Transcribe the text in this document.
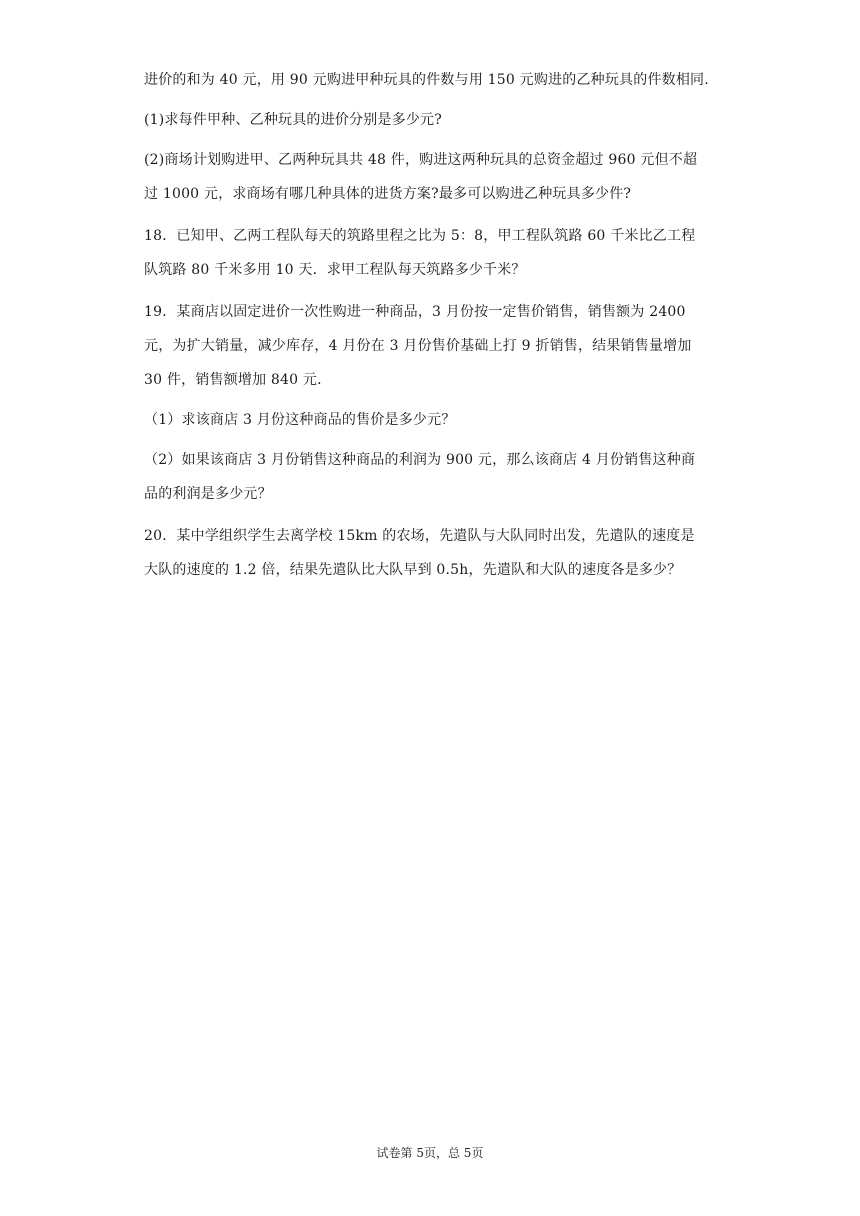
进价的和为 40 元，用 90 元购进甲种玩具的件数与用 150 元购进的乙种玩具的件数相同.
(1)求每件甲种、乙种玩具的进价分别是多少元?
(2)商场计划购进甲、乙两种玩具共 48 件，购进这两种玩具的总资金超过 960 元但不超
过 1000 元，求商场有哪几种具体的进货方案?最多可以购进乙种玩具多少件?
18．已知甲、乙两工程队每天的筑路里程之比为 5：8，甲工程队筑路 60 千米比乙工程
队筑路 80 千米多用 10 天．求甲工程队每天筑路多少千米？
19．某商店以固定进价一次性购进一种商品，3 月份按一定售价销售，销售额为 2400
元，为扩大销量，减少库存，4 月份在 3 月份售价基础上打 9 折销售，结果销售量增加
30 件，销售额增加 840 元．
（1）求该商店 3 月份这种商品的售价是多少元？
（2）如果该商店 3 月份销售这种商品的利润为 900 元，那么该商店 4 月份销售这种商
品的利润是多少元？
20．某中学组织学生去离学校 15km 的农场，先遣队与大队同时出发，先遣队的速度是
大队的速度的 1.2 倍，结果先遣队比大队早到 0.5h，先遣队和大队的速度各是多少？
试卷第 5页，总 5页
